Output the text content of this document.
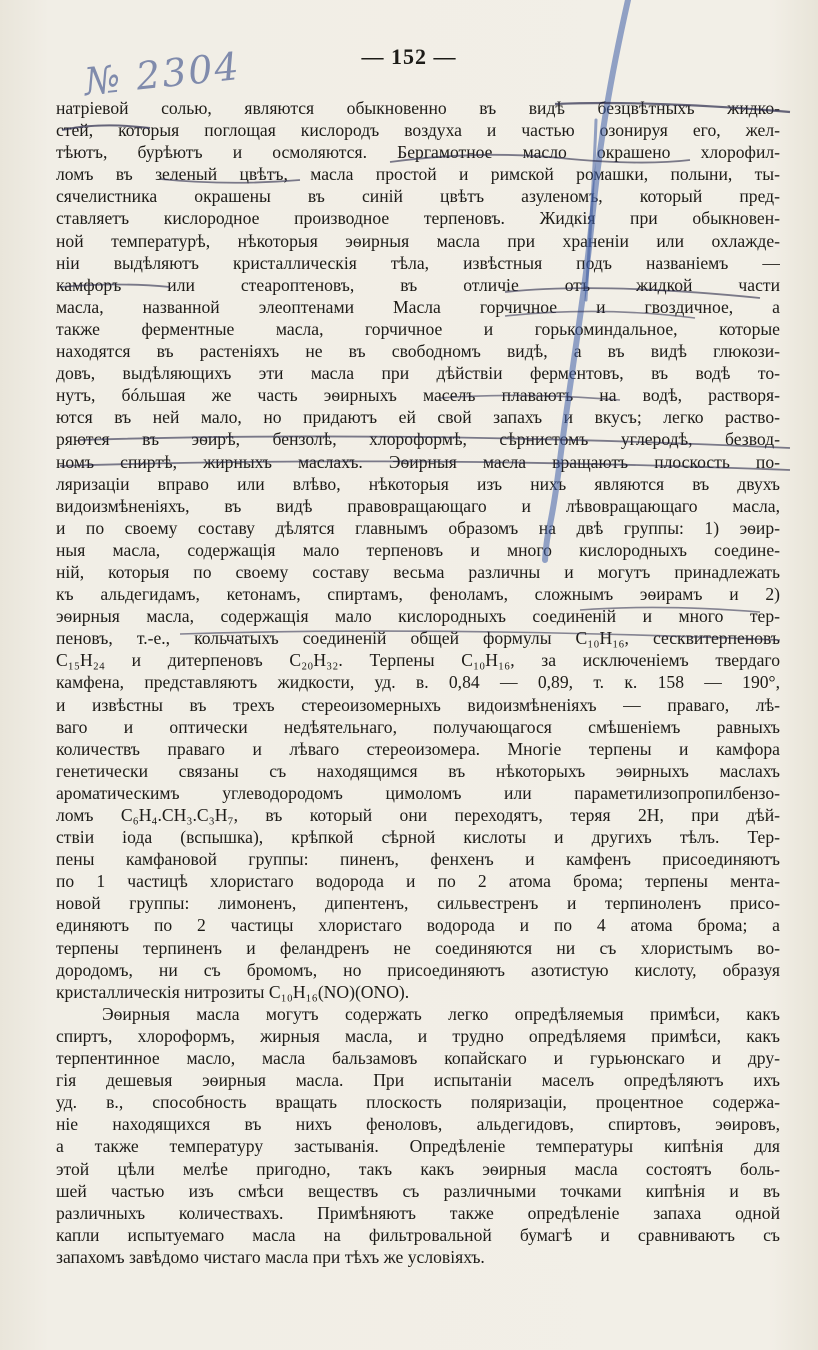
№ 2304	— 152 —
натріевой солью, являются обыкновенно въ видѣ безцвѣтныхъ жидко-
стей, которыя поглощая кислородъ воздуха и частью озонируя его, жел-
тѣютъ, бурѣютъ и осмоляются. Бергамотное масло окрашено хлорофил-
ломъ въ зеленый цвѣтъ, масла простой и римской ромашки, полыни, ты-
сячелистника окрашены въ синій цвѣтъ азуленомъ, который пред-
ставляетъ кислородное производное терпеновъ. Жидкія при обыкновен-
ной температурѣ, нѣкоторыя эѳирныя масла при храненіи или охлажде-
ніи выдѣляютъ кристаллическія тѣла, извѣстныя подъ названіемъ —
камфоръ или стеароптеновъ, въ отличіе отъ жидкой части
масла, названной элеоптенами Масла горчичное и гвоздичное, а
также ферментные масла, горчичное и горькоминдальное, которые
находятся въ растеніяхъ не въ свободномъ видѣ, а въ видѣ глюкози-
довъ, выдѣляющихъ эти масла при дѣйствіи ферментовъ, въ водѣ то-
нутъ, бóльшая же часть эѳирныхъ маселъ плаваютъ на водѣ, растворя-
ются въ ней мало, но придаютъ ей свой запахъ и вкусъ; легко раство-
ряются въ эѳирѣ, бензолѣ, хлороформѣ, сѣрнистомъ углеродѣ, безвод-
номъ спиртѣ, жирныхъ маслахъ. Эѳирныя масла вращаютъ плоскость по-
ляризаціи вправо или влѣво, нѣкоторыя изъ нихъ являются въ двухъ
видоизмѣненіяхъ, въ видѣ правовращающаго и лѣвовращающаго масла,
и по своему составу дѣлятся главнымъ образомъ на двѣ группы: 1) эѳир-
ныя масла, содержащія мало терпеновъ и много кислородныхъ соедине-
ній, которыя по своему составу весьма различны и могутъ принадлежать
къ альдегидамъ, кетонамъ, спиртамъ, феноламъ, сложнымъ эѳирамъ и 2)
эѳирныя масла, содержащія мало кислородныхъ соединеній и много тер-
пеновъ, т.-е., кольчатыхъ соединеній общей формулы C₁₀H₁₆, сесквитерпеновъ
C₁₅H₂₄ и дитерпеновъ C₂₀H₃₂. Терпены C₁₀H₁₆, за исключеніемъ твердаго
камфена, представляютъ жидкости, уд. в. 0,84 — 0,89, т. к. 158 — 190°,
и извѣстны въ трехъ стереоизомерныхъ видоизмѣненіяхъ — праваго, лѣ-
ваго и оптически недѣятельнаго, получающагося смѣшеніемъ равныхъ
количествъ праваго и лѣваго стереоизомера. Многіе терпены и камфора
генетически связаны съ находящимся въ нѣкоторыхъ эѳирныхъ маслахъ
ароматическимъ углеводородомъ цимоломъ или параметилизопропилбензо-
ломъ C₆H₄.CH₃.C₃H₇, въ который они переходятъ, теряя 2H, при дѣй-
ствіи іода (вспышка), крѣпкой сѣрной кислоты и другихъ тѣлъ. Тер-
пены камфановой группы: пиненъ, фенхенъ и камфенъ присоединяютъ
по 1 частицѣ хлористаго водорода и по 2 атома брома; терпены мента-
новой группы: лимоненъ, дипентенъ, сильвестренъ и терпиноленъ присо-
единяютъ по 2 частицы хлористаго водорода и по 4 атома брома; а
терпены терпиненъ и феландренъ не соединяются ни съ хлористымъ во-
дородомъ, ни съ бромомъ, но присоединяютъ азотистую кислоту, образуя
кристаллическія нитрозиты C₁₀H₁₆(NO)(ONO).
Эѳирныя масла могутъ содержать легко опредѣляемыя примѣси, какъ
спиртъ, хлороформъ, жирныя масла, и трудно опредѣляемя примѣси, какъ
терпентинное масло, масла бальзамовъ копайскаго и гурьюнскаго и дру-
гія дешевыя эѳирныя масла. При испытаніи маселъ опредѣляютъ ихъ
уд. в., способность вращать плоскость поляризаціи, процентное содержа-
ніе находящихся въ нихъ феноловъ, альдегидовъ, спиртовъ, эѳировъ,
а также температуру застыванія. Опредѣленіе температуры кипѣнія для
этой цѣли мелѣе пригодно, такъ какъ эѳирныя масла состоятъ боль-
шей частью изъ смѣси веществъ съ различными точками кипѣнія и въ
различныхъ количествахъ. Примѣняютъ также опредѣленіе запаха одной
капли испытуемаго масла на фильтровальной бумагѣ и сравниваютъ съ
запахомъ завѣдомо чистаго масла при тѣхъ же условіяхъ.
